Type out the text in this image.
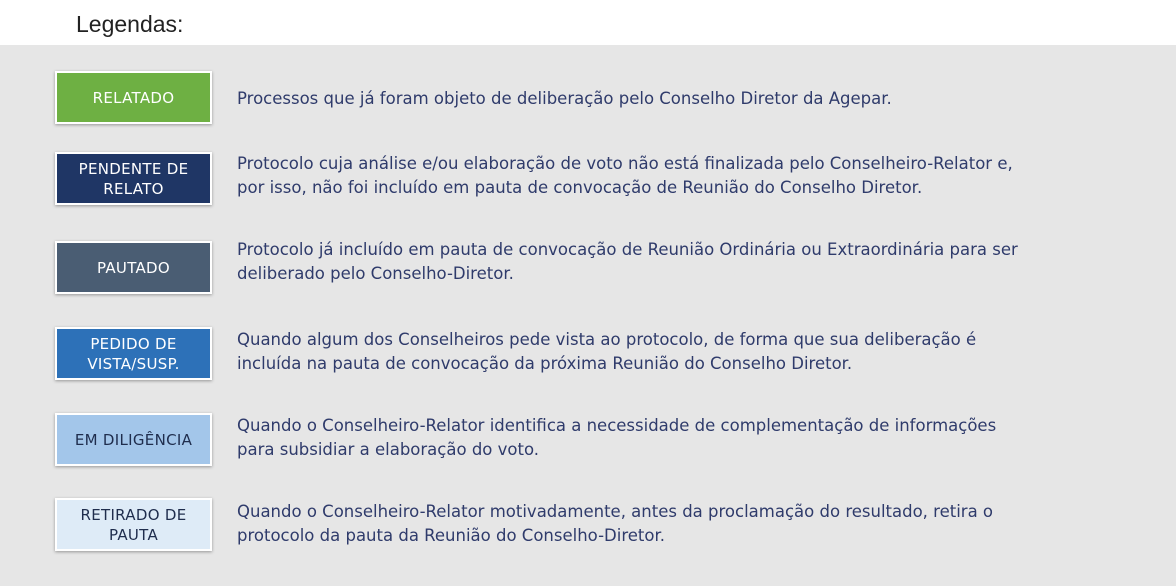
Legendas:
RELATADO	Processos que já foram objeto de deliberação pelo Conselho Diretor da Agepar.
PENDENTE DE
RELATO
Protocolo cuja análise e/ou elaboração de voto não está finalizada pelo Conselheiro-Relator e,
por isso, não foi incluído em pauta de convocação de Reunião do Conselho Diretor.
PAUTADO
Protocolo já incluído em pauta de convocação de Reunião Ordinária ou Extraordinária para ser
deliberado pelo Conselho-Diretor.
PEDIDO DE
VISTA/SUSP.
Quando algum dos Conselheiros pede vista ao protocolo, de forma que sua deliberação é
incluída na pauta de convocação da próxima Reunião do Conselho Diretor.
EM DILIGÊNCIA
Quando o Conselheiro-Relator identifica a necessidade de complementação de informações
para subsidiar a elaboração do voto.
RETIRADO DE
PAUTA
Quando o Conselheiro-Relator motivadamente, antes da proclamação do resultado, retira o
protocolo da pauta da Reunião do Conselho-Diretor.
